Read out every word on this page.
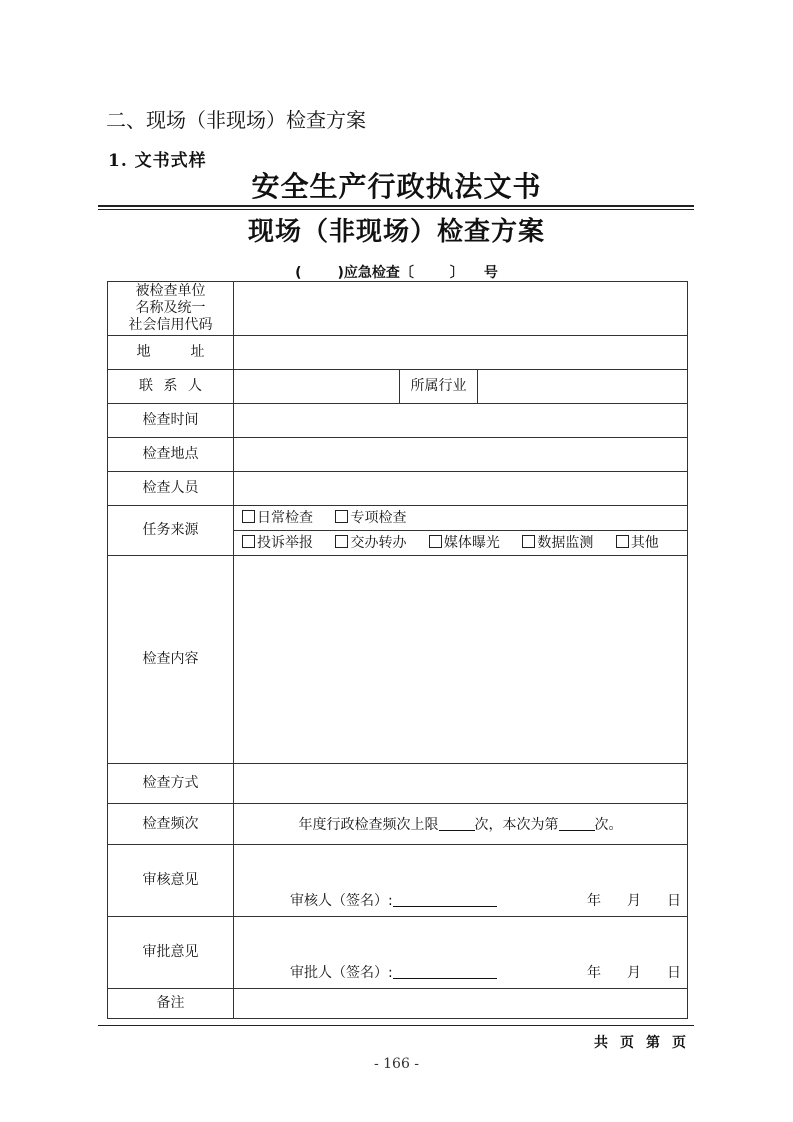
二、现场（非现场）检查方案
1. 文书式样
安全生产行政执法文书
现场（非现场）检查方案
(	)应急检查〔	〕 号
被检查单位
名称及统一
社会信用代码			

地 址			
联 系 人		所属行业	
检查时间			
检查地点			
检查人员			
任务来源	日常检查 专项检查
投诉举报 交办转办 媒体曝光 数据监测 其他		

检查内容			
检查方式			
检查频次	年度行政检查频次上限 次，本次为第 次。		
审核意见	审核人（签名）: 年 月 日		

审批意见	审批人（签名）: 年 月 日		

备注			
共 页 第 页
- 166 -
